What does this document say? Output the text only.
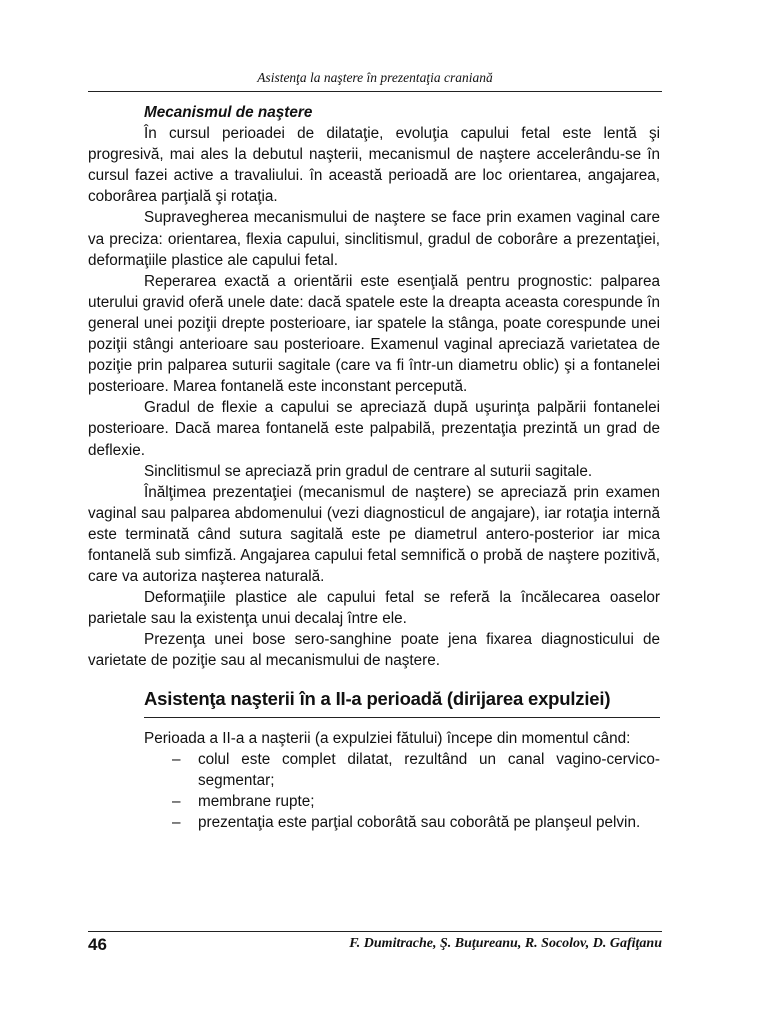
Asistenţa la naştere în prezentaţia craniană
Mecanismul de naştere

În cursul perioadei de dilataţie, evoluţia capului fetal este lentă şi progresivă, mai ales la debutul naşterii, mecanismul de naştere accelerându-se în cursul fazei active a travaliului. în această perioadă are loc orientarea, angajarea, coborârea parţială şi rotaţia.

Supravegherea mecanismului de naştere se face prin examen vaginal care va preciza: orientarea, flexia capului, sinclitismul, gradul de coborâre a prezentaţiei, deformaţiile plastice ale capului fetal.

Reperarea exactă a orientării este esenţială pentru prognostic: palparea uterului gravid oferă unele date: dacă spatele este la dreapta aceasta corespunde în general unei poziţii drepte posterioare, iar spatele la stânga, poate corespunde unei poziţii stângi anterioare sau posterioare. Examenul vaginal apreciază varietatea de poziţie prin palparea suturii sagitale (care va fi într-un diametru oblic) şi a fontanelei posterioare. Marea fontanelă este inconstant percepută.

Gradul de flexie a capului se apreciază după uşurinţa palpării fontanelei posterioare. Dacă marea fontanelă este palpabilă, prezentaţia prezintă un grad de deflexie.

Sinclitismul se apreciază prin gradul de centrare al suturii sagitale.

Înălţimea prezentaţiei (mecanismul de naştere) se apreciază prin examen vaginal sau palparea abdomenului (vezi diagnosticul de angajare), iar rotaţia internă este terminată când sutura sagitală este pe diametrul antero-posterior iar mica fontanelă sub simfiză. Angajarea capului fetal semnifică o probă de naştere pozitivă, care va autoriza naşterea naturală.

Deformaţiile plastice ale capului fetal se referă la încălecarea oaselor parietale sau la existenţa unui decalaj între ele.

Prezenţa unei bose sero-sanghine poate jena fixarea diagnosticului de varietate de poziţie sau al mecanismului de naştere.

Asistenţa naşterii în a II-a perioadă (dirijarea expulziei)

Perioada a II-a a naşterii (a expulziei fătului) începe din momentul când:

– colul este complet dilatat, rezultând un canal vagino-cervico-segmentar;
– membrane rupte;
– prezentaţia este parţial coborâtă sau coborâtă pe planşeul pelvin.
46	F. Dumitrache, Ş. Buţureanu, R. Socolov, D. Gafiţanu
